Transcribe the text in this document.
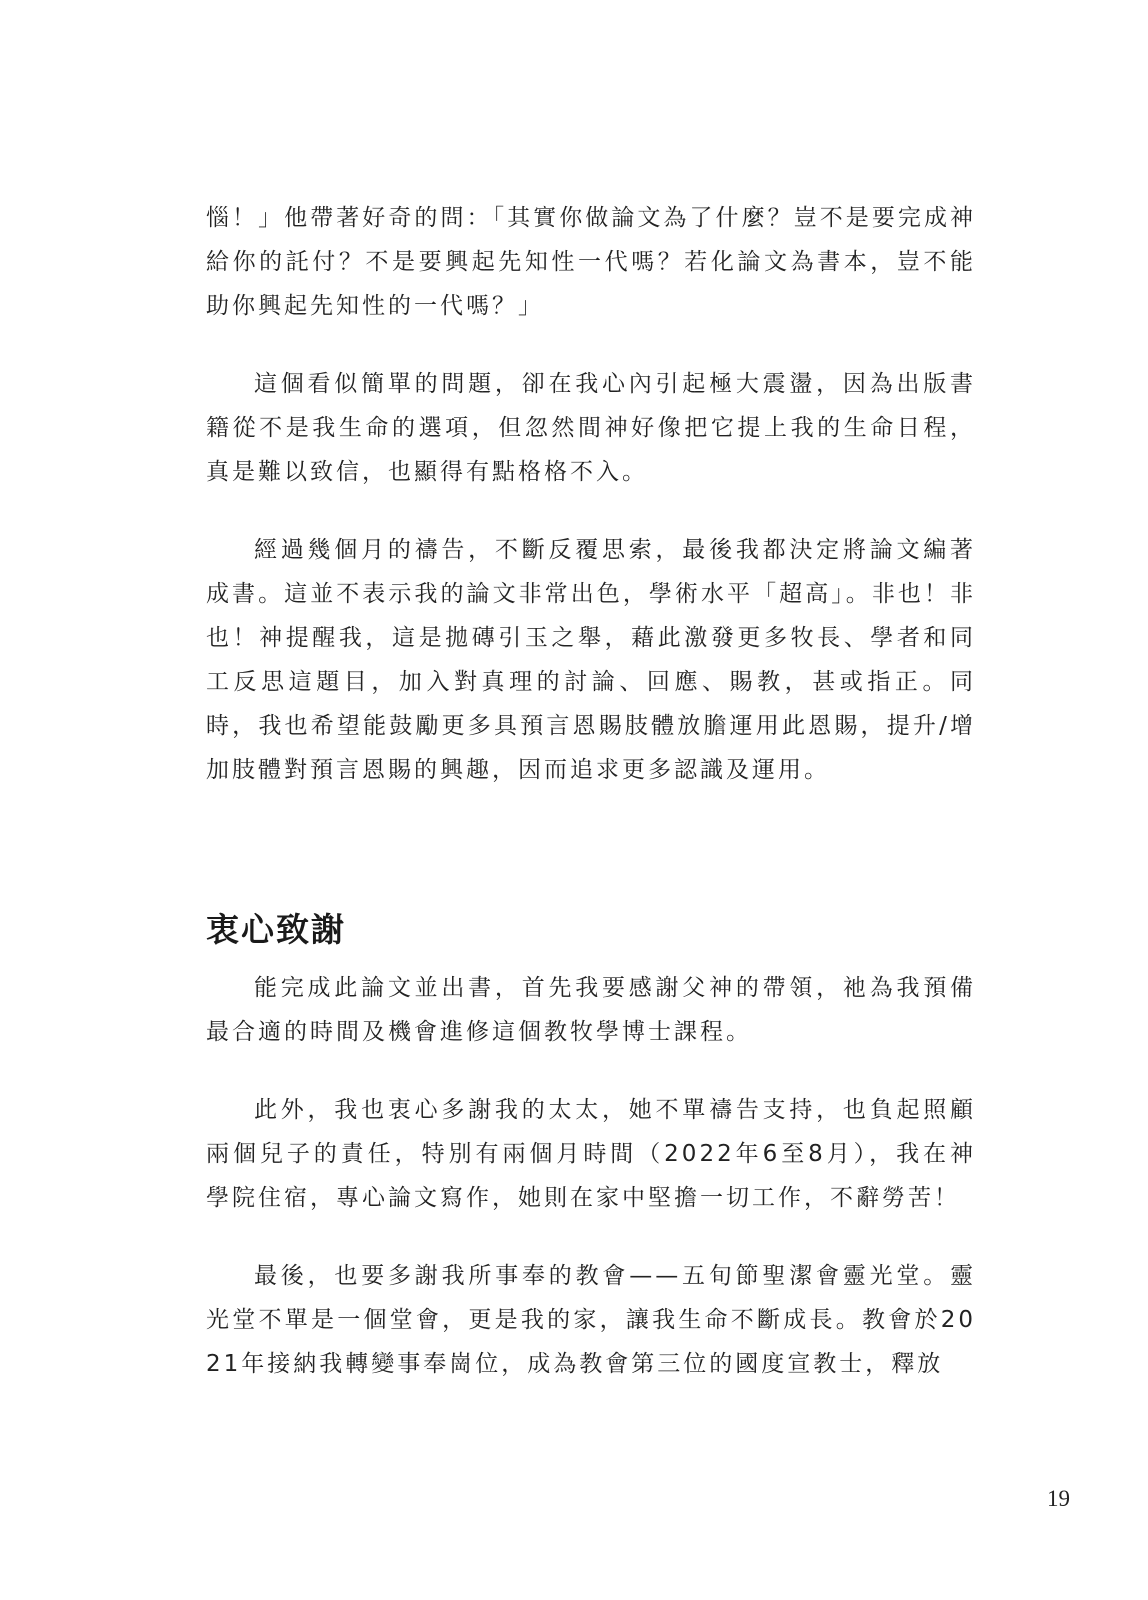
惱！」他帶著好奇的問：「其實你做論文為了什麼？豈不是要完成神給你的託付？不是要興起先知性一代嗎？若化論文為書本，豈不能助你興起先知性的一代嗎？」

這個看似簡單的問題，卻在我心內引起極大震盪，因為出版書籍從不是我生命的選項，但忽然間神好像把它提上我的生命日程，真是難以致信，也顯得有點格格不入。

經過幾個月的禱告，不斷反覆思索，最後我都決定將論文編著成書。這並不表示我的論文非常出色，學術水平「超高」。非也！非也！神提醒我，這是拋磚引玉之舉，藉此激發更多牧長、學者和同工反思這題目，加入對真理的討論、回應、賜教，甚或指正。同時，我也希望能鼓勵更多具預言恩賜肢體放膽運用此恩賜，提升/增加肢體對預言恩賜的興趣，因而追求更多認識及運用。

衷心致謝

能完成此論文並出書，首先我要感謝父神的帶領，祂為我預備最合適的時間及機會進修這個教牧學博士課程。

此外，我也衷心多謝我的太太，她不單禱告支持，也負起照顧兩個兒子的責任，特別有兩個月時間（2022年6至8月），我在神學院住宿，專心論文寫作，她則在家中堅擔一切工作，不辭勞苦！

最後，也要多謝我所事奉的教會——五旬節聖潔會靈光堂。靈光堂不單是一個堂會，更是我的家，讓我生命不斷成長。教會於2021年接納我轉變事奉崗位，成為教會第三位的國度宣教士，釋放

19
